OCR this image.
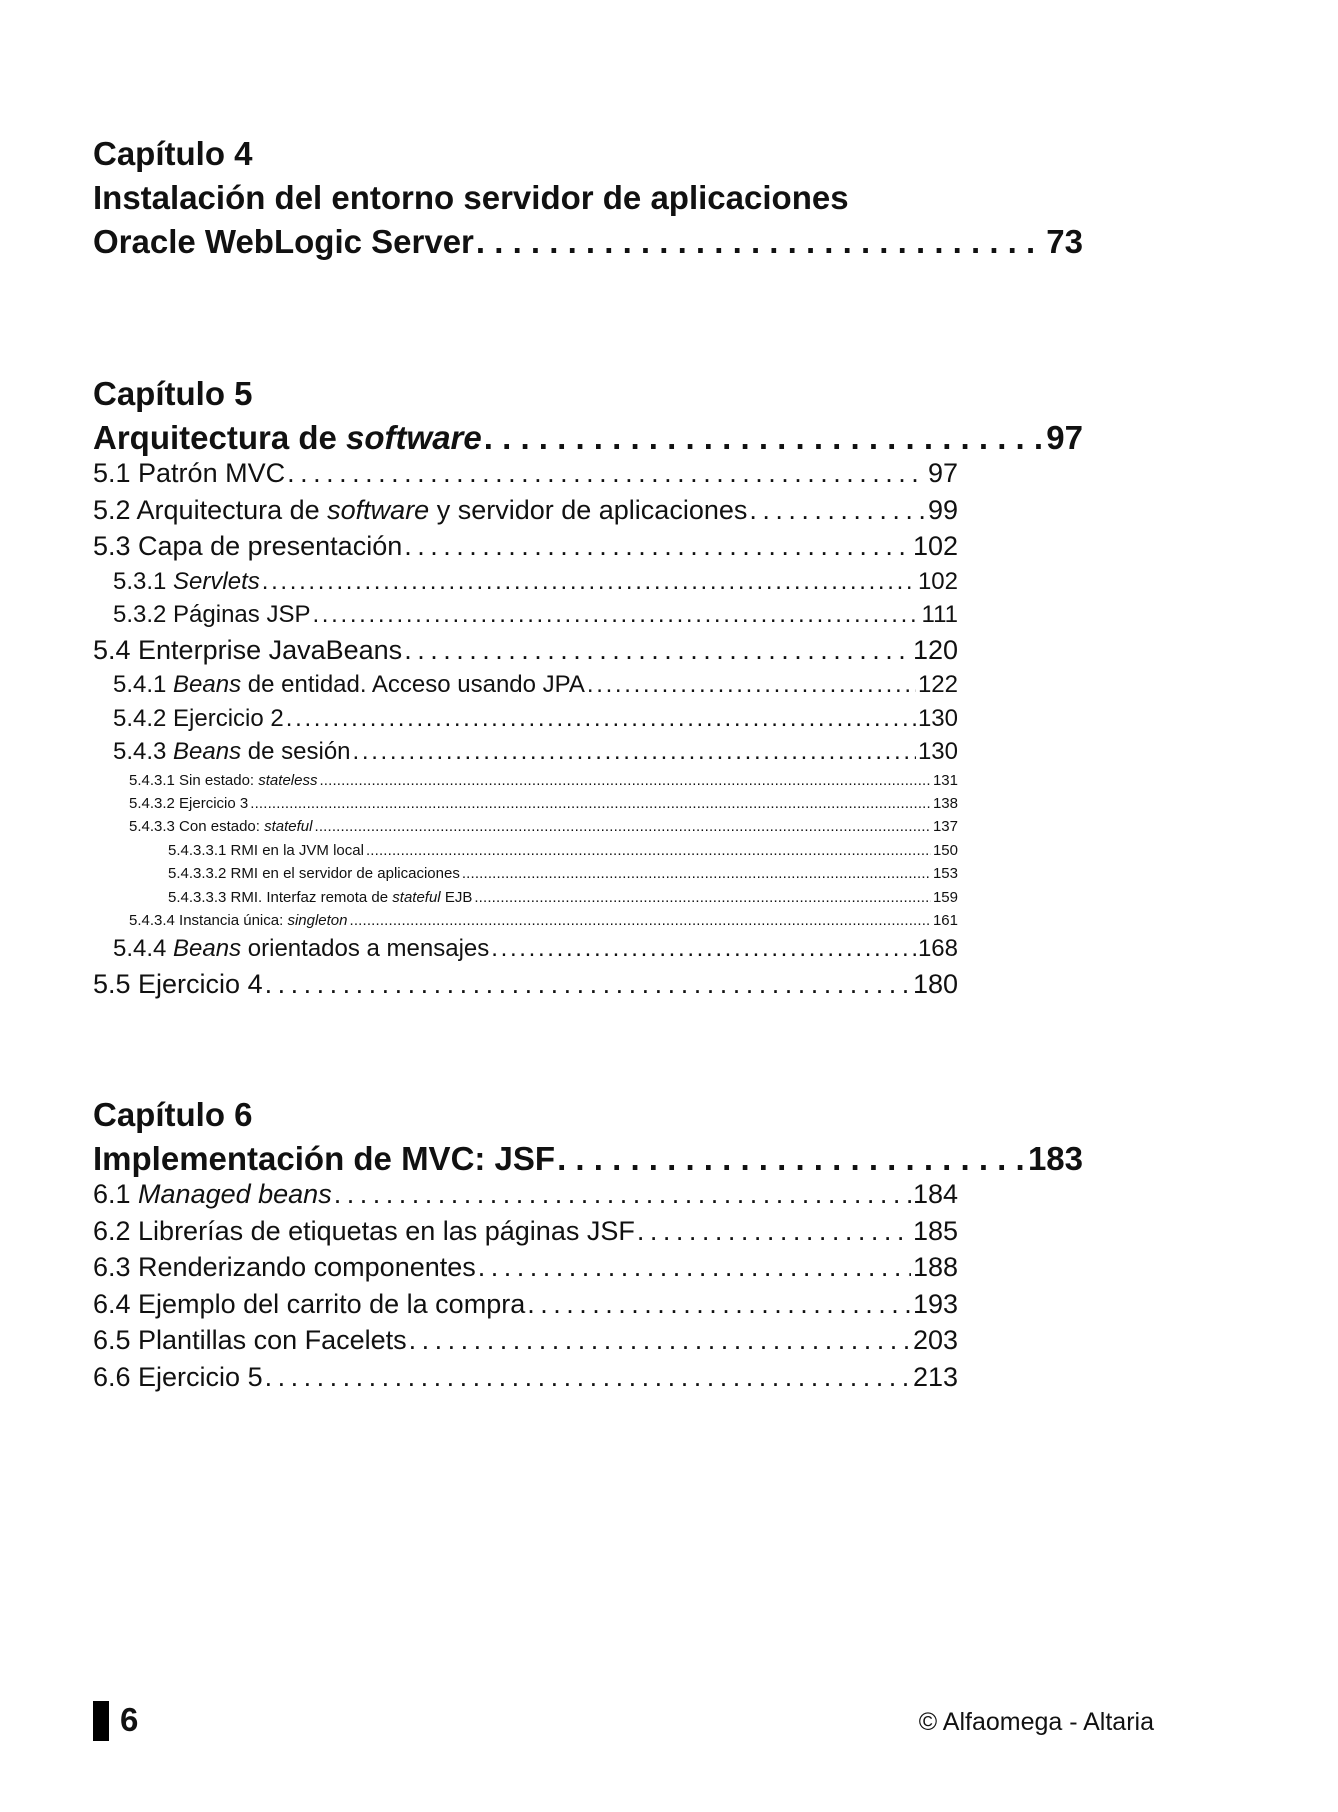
Capítulo 4
Instalación del entorno servidor de aplicaciones
Oracle WebLogic Server . . .	73
Capítulo 5
Arquitectura de software . . .	97
5.1 Patrón MVC . . .	97
5.2 Arquitectura de software y servidor de aplicaciones . . .	99
5.3 Capa de presentación . . .	102
5.3.1 Servlets . . .	102
5.3.2 Páginas JSP . . .	111
5.4 Enterprise JavaBeans . . .	120
5.4.1 Beans de entidad. Acceso usando JPA . . .	122
5.4.2 Ejercicio 2 . . .	130
5.4.3 Beans de sesión . . .	130
5.4.3.1 Sin estado: stateless . . .	131
5.4.3.2 Ejercicio 3 . . .	138
5.4.3.3 Con estado: stateful . . .	137
5.4.3.3.1 RMI en la JVM local . . .	150
5.4.3.3.2 RMI en el servidor de aplicaciones . . .	153
5.4.3.3.3 RMI. Interfaz remota de stateful EJB . . .	159
5.4.3.4 Instancia única: singleton . . .	161
5.4.4 Beans orientados a mensajes . . .	168
5.5 Ejercicio 4 . . .	180
Capítulo 6
Implementación de MVC: JSF . . .	183
6.1 Managed beans . . .	184
6.2 Librerías de etiquetas en las páginas JSF . . .	185
6.3 Renderizando componentes . . .	188
6.4 Ejemplo del carrito de la compra . . .	193
6.5 Plantillas con Facelets . . .	203
6.6 Ejercicio 5 . . .	213
6	© Alfaomega - Altaria
